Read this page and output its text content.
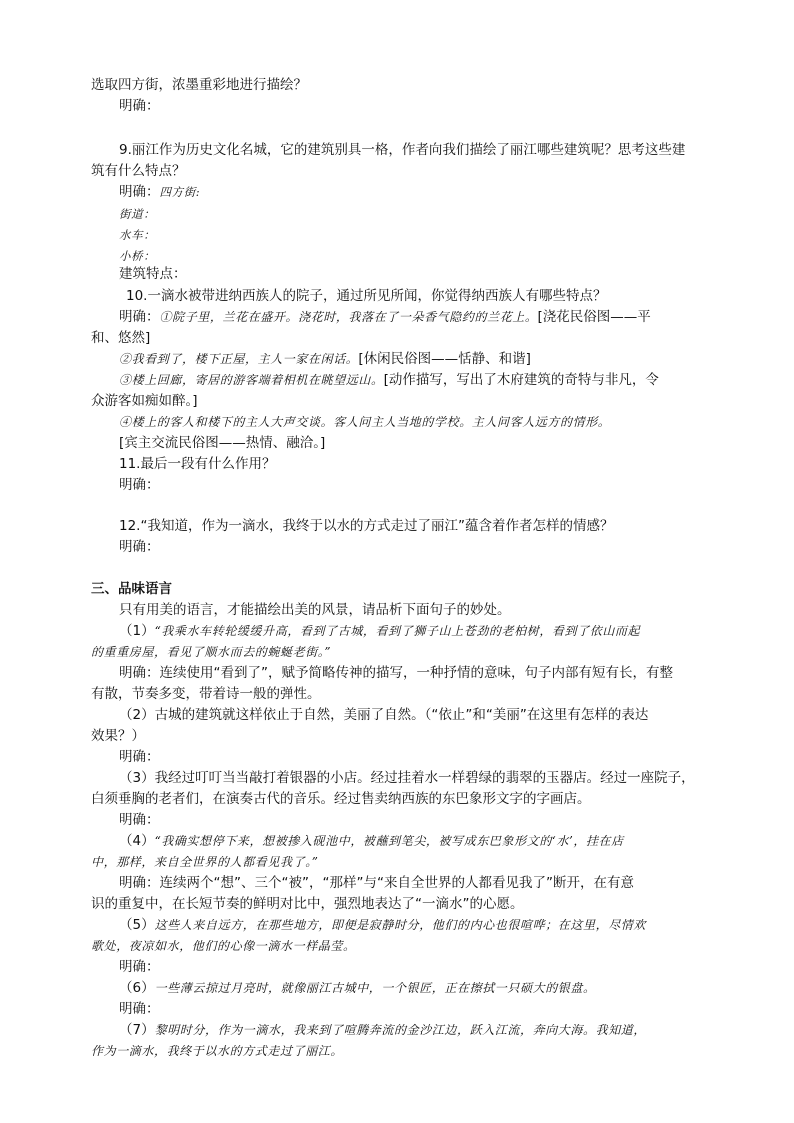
选取四方街，浓墨重彩地进行描绘？
明确：
9.丽江作为历史文化名城，它的建筑别具一格，作者向我们描绘了丽江哪些建筑呢？思考这些建
筑有什么特点？
明确：四方街:
街道：
水车：
小桥：
建筑特点：
10.一滴水被带进纳西族人的院子，通过所见所闻，你觉得纳西族人有哪些特点？
明确：①院子里，兰花在盛开。浇花时，我落在了一朵香气隐约的兰花上。[浇花民俗图——平
和、悠然]
②我看到了，楼下正屋，主人一家在闲话。[休闲民俗图——恬静、和谐]
③楼上回廊，寄居的游客端着相机在眺望远山。[动作描写，写出了木府建筑的奇特与非凡，令
众游客如痴如醉。]
④楼上的客人和楼下的主人大声交谈。客人问主人当地的学校。主人问客人远方的情形。
[宾主交流民俗图——热情、融洽。]
11.最后一段有什么作用？
明确：
12.“我知道，作为一滴水，我终于以水的方式走过了丽江”蕴含着作者怎样的情感？
明确：
三、品味语言
只有用美的语言，才能描绘出美的风景，请品析下面句子的妙处。
（1）“我乘水车转轮缓缓升高，看到了古城，看到了狮子山上苍劲的老柏树，看到了依山而起
的重重房屋，看见了顺水而去的蜿蜒老街。”
明确：连续使用“看到了”，赋予简略传神的描写，一种抒情的意味，句子内部有短有长，有整
有散，节奏多变，带着诗一般的弹性。
（2）古城的建筑就这样依止于自然，美丽了自然。（“依止”和“美丽”在这里有怎样的表达
效果？）
明确：
（3）我经过叮叮当当敲打着银器的小店。经过挂着水一样碧绿的翡翠的玉器店。经过一座院子，
白须垂胸的老者们，在演奏古代的音乐。经过售卖纳西族的东巴象形文字的字画店。
明确：
（4）“我确实想停下来，想被掺入砚池中，被蘸到笔尖，被写成东巴象形文的‘水’，挂在店
中，那样，来自全世界的人都看见我了。”
明确：连续两个“想”、三个“被”，“那样”与“来自全世界的人都看见我了”断开，在有意
识的重复中，在长短节奏的鲜明对比中，强烈地表达了“一滴水”的心愿。
（5）这些人来自远方，在那些地方，即便是寂静时分，他们的内心也很喧哗；在这里，尽情欢
歌处，夜凉如水，他们的心像一滴水一样晶莹。
明确：
（6）一些薄云掠过月亮时，就像丽江古城中，一个银匠，正在擦拭一只硕大的银盘。
明确：
（7）黎明时分，作为一滴水，我来到了喧腾奔流的金沙江边，跃入江流，奔向大海。我知道，
作为一滴水，我终于以水的方式走过了丽江。
